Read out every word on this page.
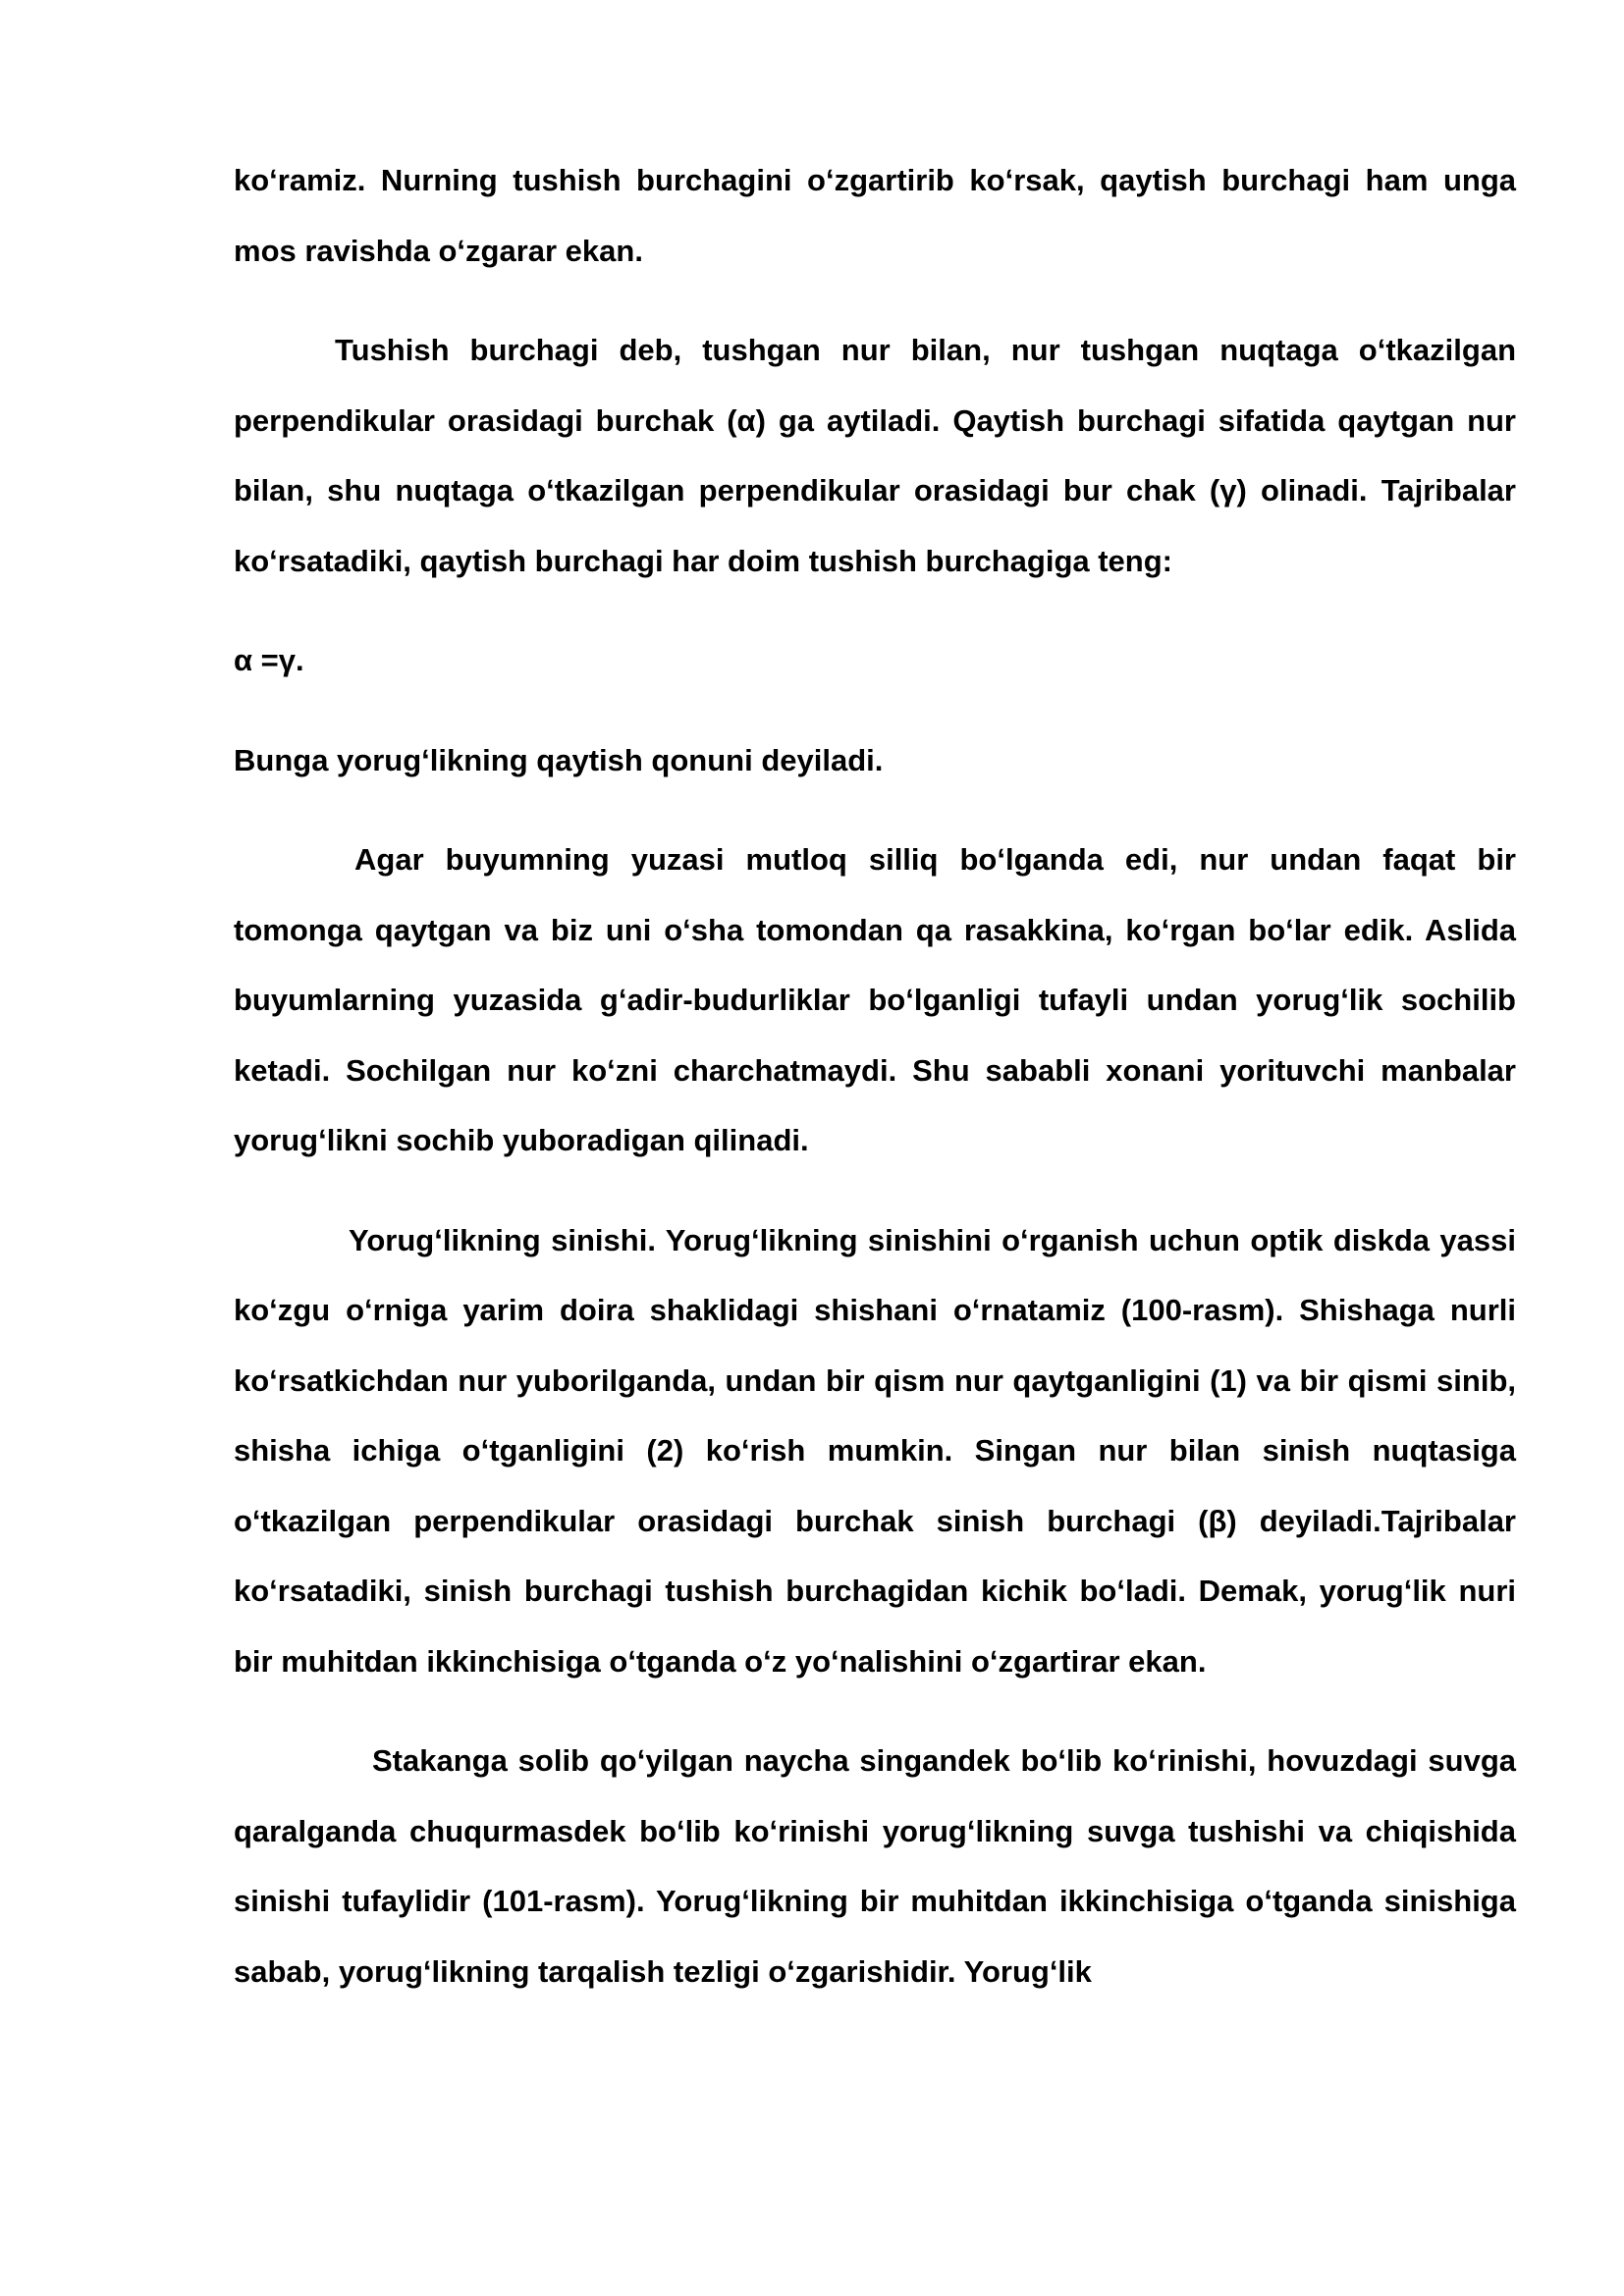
koʻramiz. Nurning tushish burchagini oʻzgartirib koʻrsak, qaytish burchagi ham unga mos ravishda oʻzgarar ekan.

Tushish burchagi deb, tushgan nur bilan, nur tushgan nuqtaga oʻtkazilgan perpendikular orasidagi burchak (α) ga aytiladi. Qaytish burchagi sifatida qaytgan nur bilan, shu nuqtaga oʻtkazilgan perpendikular orasidagi bur chak (γ) olinadi. Tajribalar koʻrsatadiki, qaytish burchagi har doim tushish burchagiga teng:

α =γ.

Bunga yorugʻlikning qaytish qonuni deyiladi.

Agar buyumning yuzasi mutloq silliq boʻlganda edi, nur undan faqat bir tomonga qaytgan va biz uni oʻsha tomondan qa rasakkina, koʻrgan boʻlar edik. Aslida buyumlarning yuzasida gʻadir-budurliklar boʻlganligi tufayli undan yorugʻlik sochilib ketadi. Sochilgan nur koʻzni charchatmaydi. Shu sababli xonani yorituvchi manbalar yorugʻlikni sochib yuboradigan qilinadi.

Yorugʻlikning sinishi. Yorugʻlikning sinishini oʻrganish uchun optik diskda yassi koʻzgu oʻrniga yarim doira shaklidagi shishani oʻrnatamiz (100-rasm). Shishaga nurli koʻrsatkichdan nur yuborilganda, undan bir qism nur qaytganligini (1) va bir qismi sinib, shisha ichiga oʻtganligini (2) koʻrish mumkin. Singan nur bilan sinish nuqtasiga oʻtkazilgan perpendikular orasidagi burchak sinish burchagi (β) deyiladi.Tajribalar koʻrsatadiki, sinish burchagi tushish burchagidan kichik boʻladi. Demak, yorugʻlik nuri bir muhitdan ikkinchisiga oʻtganda oʻz yoʻnalishini oʻzgartirar ekan.

Stakanga solib qoʻyilgan naycha singandek boʻlib koʻrinishi, hovuzdagi suvga qaralganda chuqurmasdek boʻlib koʻrinishi yorugʻlikning suvga tushishi va chiqishida sinishi tufaylidir (101-rasm). Yorugʻlikning bir muhitdan ikkinchisiga oʻtganda sinishiga sabab, yorugʻlikning tarqalish tezligi oʻzgarishidir. Yorugʻlik
